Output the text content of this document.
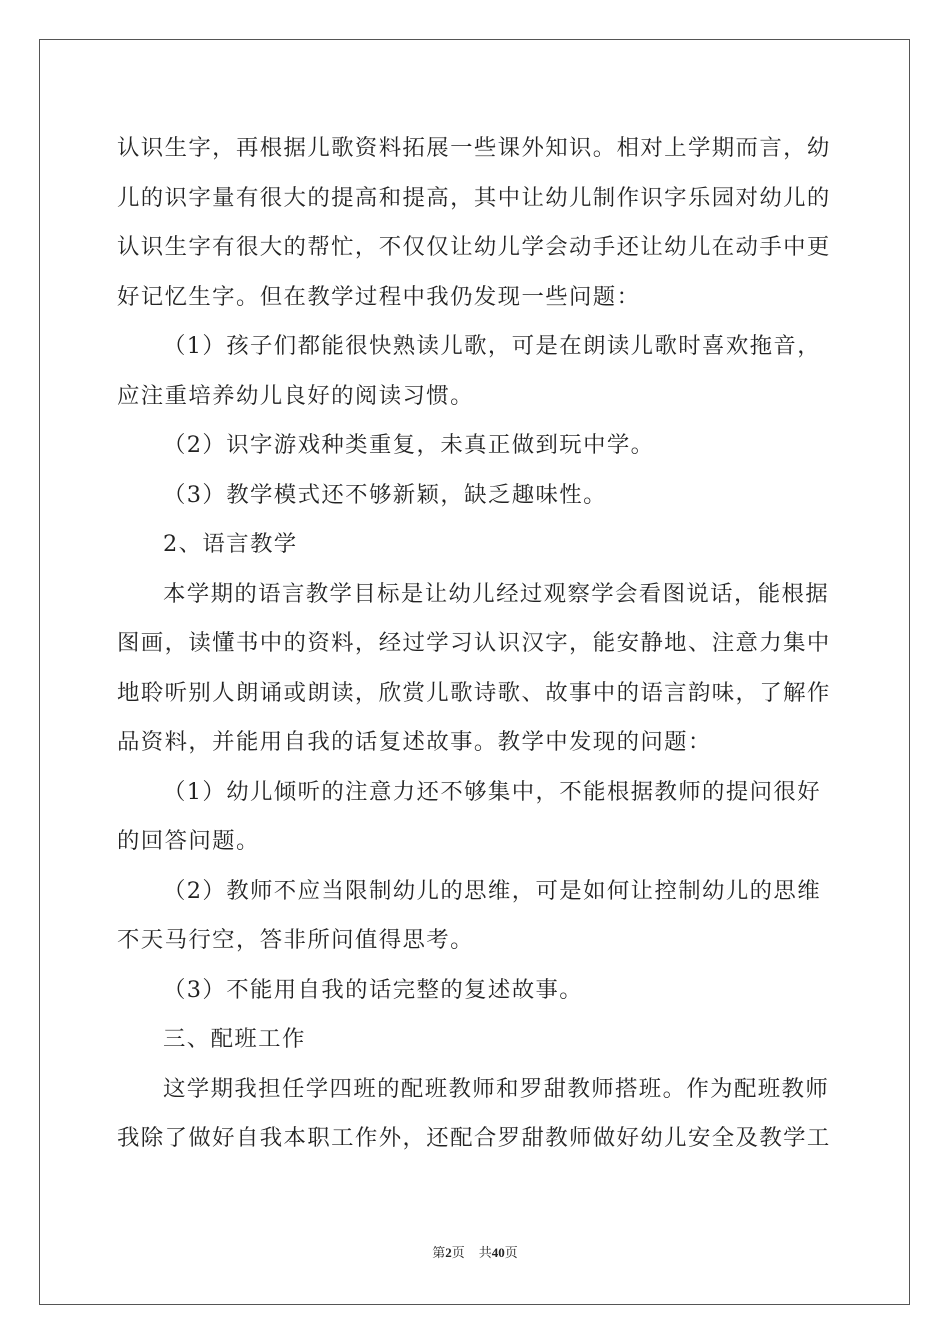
认识生字，再根据儿歌资料拓展一些课外知识。相对上学期而言，幼

儿的识字量有很大的提高和提高，其中让幼儿制作识字乐园对幼儿的

认识生字有很大的帮忙，不仅仅让幼儿学会动手还让幼儿在动手中更

好记忆生字。但在教学过程中我仍发现一些问题：

（1）孩子们都能很快熟读儿歌，可是在朗读儿歌时喜欢拖音，

应注重培养幼儿良好的阅读习惯。

（2）识字游戏种类重复，未真正做到玩中学。

（3）教学模式还不够新颖，缺乏趣味性。

2、语言教学

本学期的语言教学目标是让幼儿经过观察学会看图说话，能根据

图画，读懂书中的资料，经过学习认识汉字，能安静地、注意力集中

地聆听别人朗诵或朗读，欣赏儿歌诗歌、故事中的语言韵味，了解作

品资料，并能用自我的话复述故事。教学中发现的问题：

（1）幼儿倾听的注意力还不够集中，不能根据教师的提问很好

的回答问题。

（2）教师不应当限制幼儿的思维，可是如何让控制幼儿的思维

不天马行空，答非所问值得思考。

（3）不能用自我的话完整的复述故事。

三、配班工作

这学期我担任学四班的配班教师和罗甜教师搭班。作为配班教师

我除了做好自我本职工作外，还配合罗甜教师做好幼儿安全及教学工

第2页 共40页
